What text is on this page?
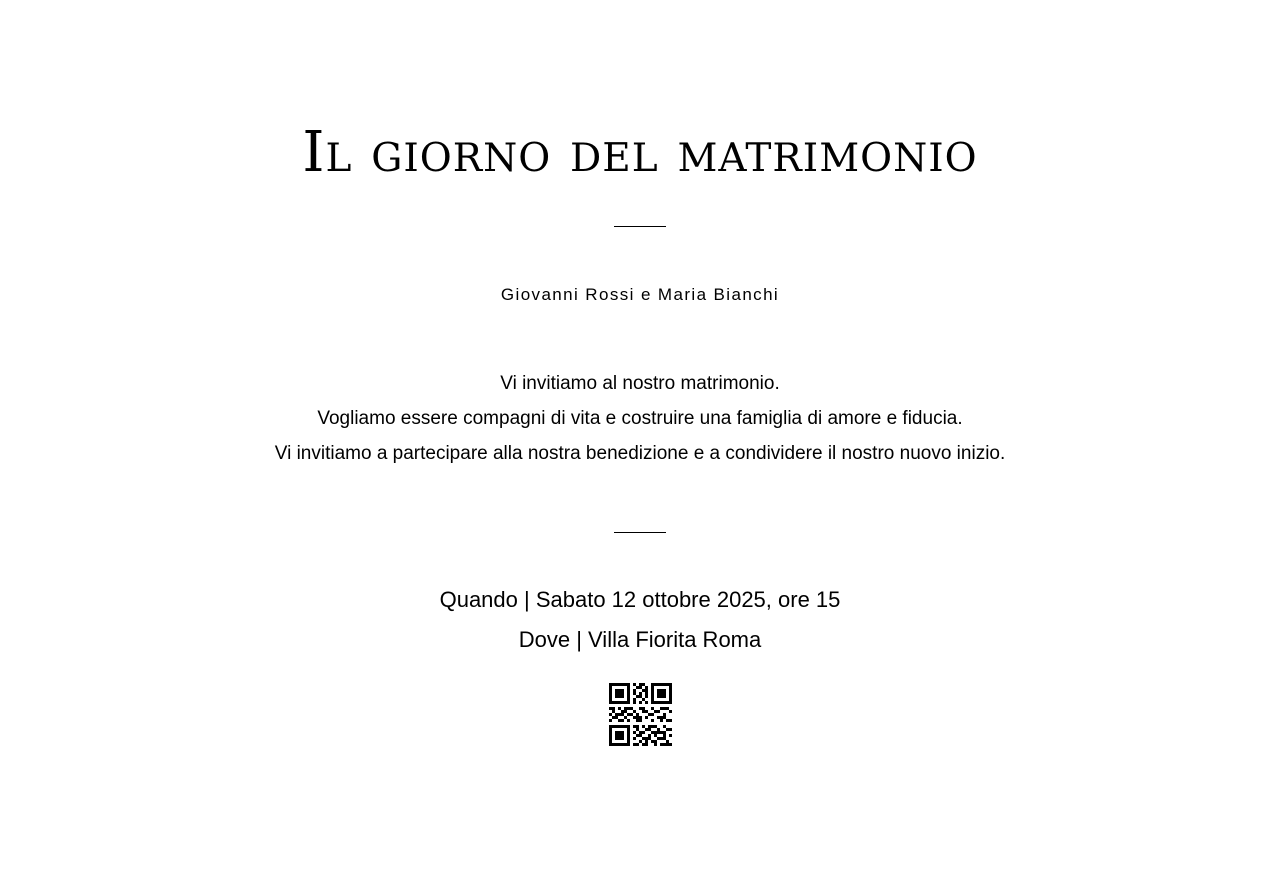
Il giorno del matrimonio
Giovanni Rossi e Maria Bianchi
Vi invitiamo al nostro matrimonio.
Vogliamo essere compagni di vita e costruire una famiglia di amore e fiducia.
Vi invitiamo a partecipare alla nostra benedizione e a condividere il nostro nuovo inizio.
Quando | Sabato 12 ottobre 2025, ore 15
Dove | Villa Fiorita Roma
